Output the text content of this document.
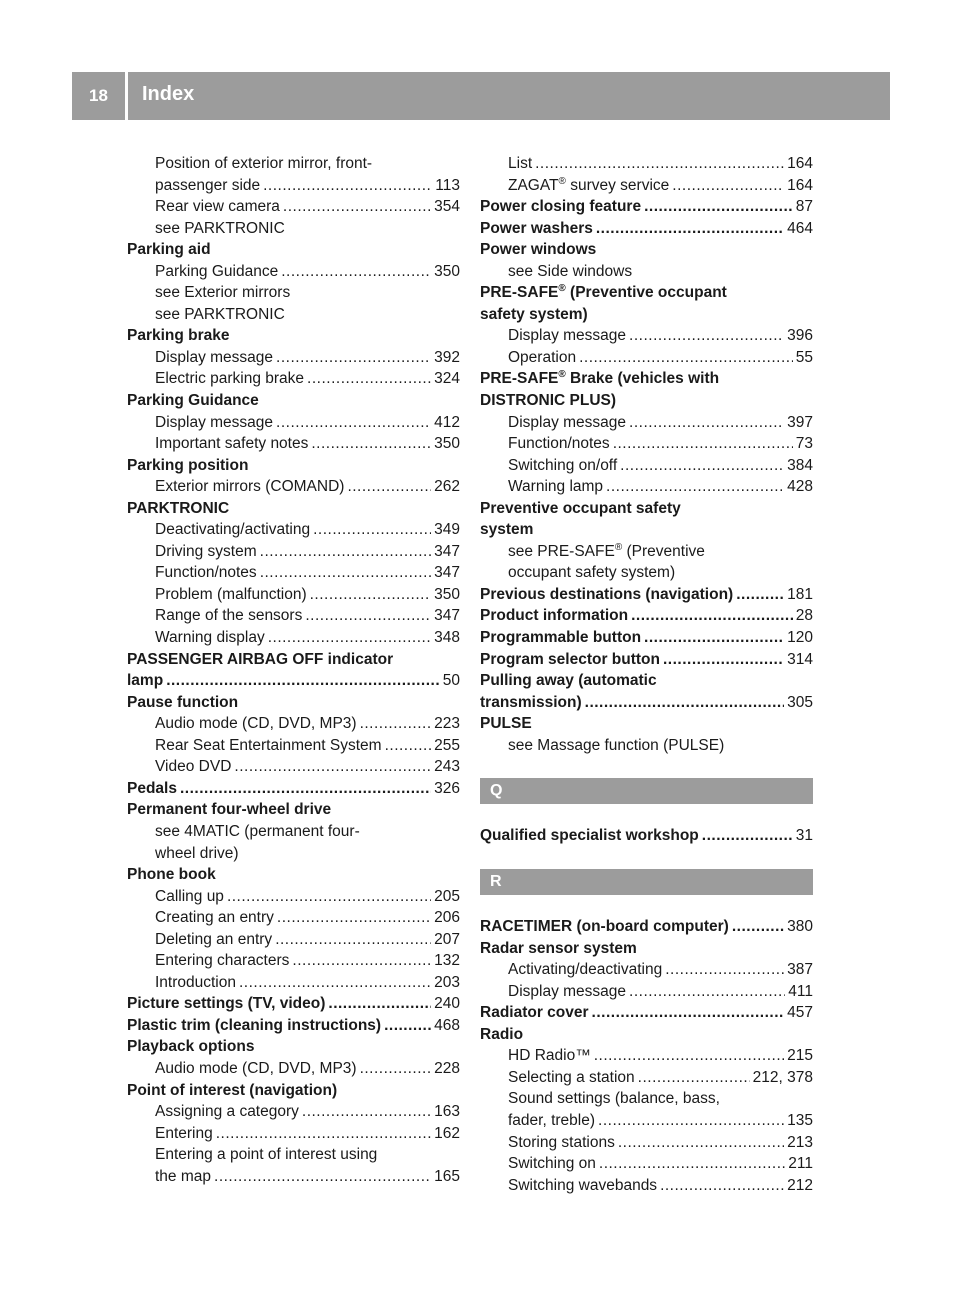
18	Index
Position of exterior mirror, front-
passenger side .....	113
Rear view camera .....	354
see PARKTRONIC
Parking aid
Parking Guidance .....	350
see Exterior mirrors
see PARKTRONIC
Parking brake
Display message .....	392
Electric parking brake .....	324
Parking Guidance
Display message .....	412
Important safety notes .....	350
Parking position
Exterior mirrors (COMAND) .....	262
PARKTRONIC
Deactivating/activating .....	349
Driving system .....	347
Function/notes .....	347
Problem (malfunction) .....	350
Range of the sensors .....	347
Warning display .....	348
PASSENGER AIRBAG OFF indicator
lamp .....	50
Pause function
Audio mode (CD, DVD, MP3) .....	223
Rear Seat Entertainment System .....	255
Video DVD .....	243
Pedals .....	326
Permanent four-wheel drive
see 4MATIC (permanent four-
wheel drive)
Phone book
Calling up .....	205
Creating an entry .....	206
Deleting an entry .....	207
Entering characters .....	132
Introduction .....	203
Picture settings (TV, video) .....	240
Plastic trim (cleaning instructions) .....	468
Playback options
Audio mode (CD, DVD, MP3) .....	228
Point of interest (navigation)
Assigning a category .....	163
Entering .....	162
Entering a point of interest using
the map .....	165
List .....	164
ZAGAT® survey service .....	164
Power closing feature .....	87
Power washers .....	464
Power windows
see Side windows
PRE-SAFE® (Preventive occupant
safety system)
Display message .....	396
Operation .....	55
PRE-SAFE® Brake (vehicles with
DISTRONIC PLUS)
Display message .....	397
Function/notes .....	73
Switching on/off .....	384
Warning lamp .....	428
Preventive occupant safety
system
see PRE-SAFE® (Preventive
occupant safety system)
Previous destinations (navigation) .....	181
Product information .....	28
Programmable button .....	120
Program selector button .....	314
Pulling away (automatic
transmission) .....	305
PULSE
see Massage function (PULSE)
Q
Qualified specialist workshop .....	31
R
RACETIMER (on-board computer) .....	380
Radar sensor system
Activating/deactivating .....	387
Display message .....	411
Radiator cover .....	457
Radio
HD Radio™ .....	215
Selecting a station .....	212, 378
Sound settings (balance, bass,
fader, treble) .....	135
Storing stations .....	213
Switching on .....	211
Switching wavebands .....	212
